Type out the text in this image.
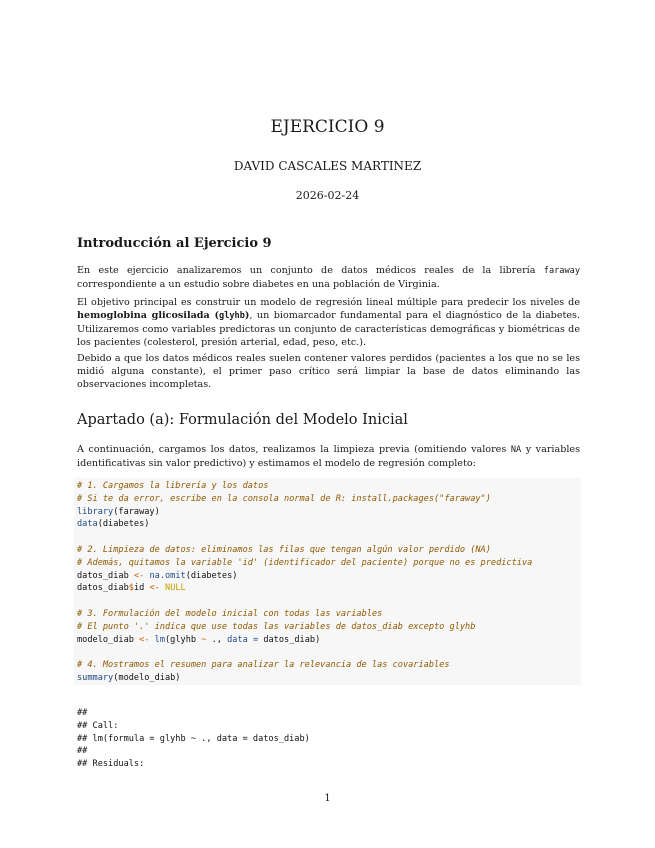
EJERCICIO 9

DAVID CASCALES MARTINEZ

2026-02-24

Introducción al Ejercicio 9

En este ejercicio analizaremos un conjunto de datos médicos reales de la librería faraway correspondiente a un estudio sobre diabetes en una población de Virginia.

El objetivo principal es construir un modelo de regresión lineal múltiple para predecir los niveles de hemoglobina glicosilada (glyhb), un biomarcador fundamental para el diagnóstico de la diabetes. Utilizaremos como variables predictoras un conjunto de características demográficas y biométricas de los pacientes (colesterol, presión arterial, edad, peso, etc.).

Debido a que los datos médicos reales suelen contener valores perdidos (pacientes a los que no se les midió alguna constante), el primer paso crítico será limpiar la base de datos eliminando las observaciones incompletas.

Apartado (a): Formulación del Modelo Inicial

A continuación, cargamos los datos, realizamos la limpieza previa (omitiendo valores NA y variables identificativas sin valor predictivo) y estimamos el modelo de regresión completo:

# 1. Cargamos la librería y los datos
# Si te da error, escribe en la consola normal de R: install.packages("faraway")
library(faraway)
data(diabetes)

# 2. Limpieza de datos: eliminamos las filas que tengan algún valor perdido (NA)
# Además, quitamos la variable 'id' (identificador del paciente) porque no es predictiva
datos_diab <- na.omit(diabetes)
datos_diab$id <- NULL

# 3. Formulación del modelo inicial con todas las variables
# El punto '.' indica que use todas las variables de datos_diab excepto glyhb
modelo_diab <- lm(glyhb ~ ., data = datos_diab)

# 4. Mostramos el resumen para analizar la relevancia de las covariables
summary(modelo_diab)
##
## Call:
## lm(formula = glyhb ~ ., data = datos_diab)
##
## Residuals:

1
